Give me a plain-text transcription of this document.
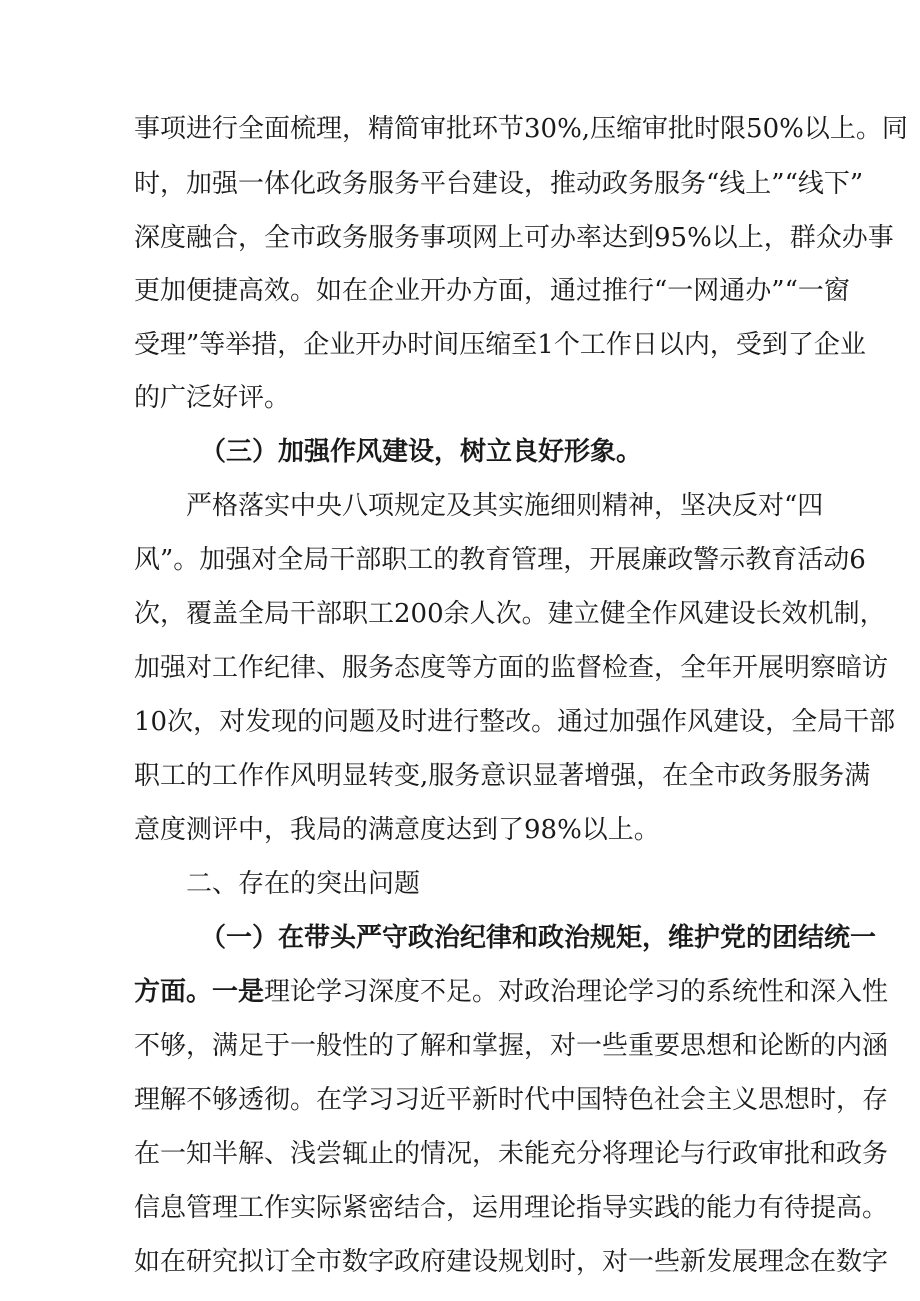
事项进行全面梳理，精简审批环节30%,压缩审批时限50%以上。同
时，加强一体化政务服务平台建设，推动政务服务“线上”“线下”
深度融合，全市政务服务事项网上可办率达到95%以上，群众办事
更加便捷高效。如在企业开办方面，通过推行“一网通办”“一窗
受理”等举措，企业开办时间压缩至1个工作日以内，受到了企业
的广泛好评。
（三）加强作风建设，树立良好形象。
严格落实中央八项规定及其实施细则精神，坚决反对“四
风”。加强对全局干部职工的教育管理，开展廉政警示教育活动6
次，覆盖全局干部职工200余人次。建立健全作风建设长效机制，
加强对工作纪律、服务态度等方面的监督检查，全年开展明察暗访
10次，对发现的问题及时进行整改。通过加强作风建设，全局干部
职工的工作作风明显转变,服务意识显著增强，在全市政务服务满
意度测评中，我局的满意度达到了98%以上。
二、存在的突出问题
（一）在带头严守政治纪律和政治规矩，维护党的团结统一
方面。一是理论学习深度不足。对政治理论学习的系统性和深入性
不够，满足于一般性的了解和掌握，对一些重要思想和论断的内涵
理解不够透彻。在学习习近平新时代中国特色社会主义思想时，存
在一知半解、浅尝辄止的情况，未能充分将理论与行政审批和政务
信息管理工作实际紧密结合，运用理论指导实践的能力有待提高。
如在研究拟订全市数字政府建设规划时，对一些新发展理念在数字
